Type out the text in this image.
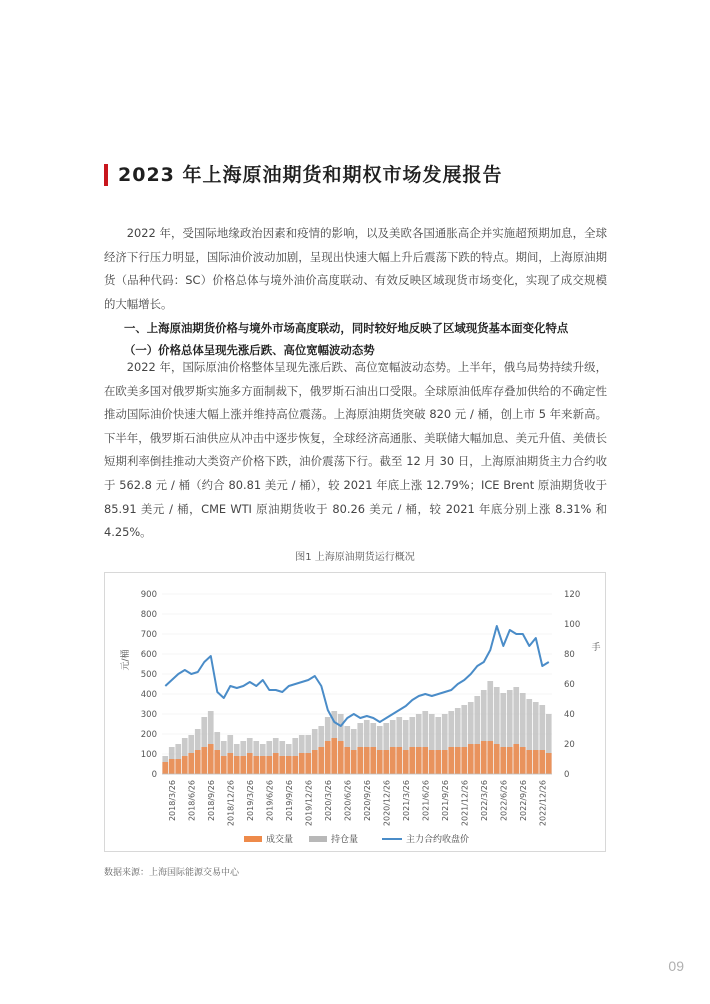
2023 年上海原油期货和期权市场发展报告
2022 年，受国际地缘政治因素和疫情的影响，以及美欧各国通胀高企并实施超预期加息，全球经济下行压力明显，国际油价波动加剧，呈现出快速大幅上升后震荡下跌的特点。期间，上海原油期货（品种代码：SC）价格总体与境外油价高度联动、有效反映区域现货市场变化，实现了成交规模的大幅增长。
一、上海原油期货价格与境外市场高度联动，同时较好地反映了区域现货基本面变化特点
（一）价格总体呈现先涨后跌、高位宽幅波动态势
2022 年，国际原油价格整体呈现先涨后跌、高位宽幅波动态势。上半年，俄乌局势持续升级，在欧美多国对俄罗斯实施多方面制裁下，俄罗斯石油出口受限。全球原油低库存叠加供给的不确定性推动国际油价快速大幅上涨并维持高位震荡。上海原油期货突破 820 元 / 桶，创上市 5 年来新高。下半年，俄罗斯石油供应从冲击中逐步恢复，全球经济高通胀、美联储大幅加息、美元升值、美债长短期利率倒挂推动大类资产价格下跌，油价震荡下行。截至 12 月 30 日，上海原油期货主力合约收于 562.8 元 / 桶（约合 80.81 美元 / 桶），较 2021 年底上涨 12.79%；ICE Brent 原油期货收于 85.91 美元 / 桶，CME WTI 原油期货收于 80.26 美元 / 桶，较 2021 年底分别上涨 8.31% 和 4.25%。
图1 上海原油期货运行概况
0
100
200
300
400
500
600
700
800
900
0
20
40
60
80
100
120
2018/3/26 2018/6/26 2018/9/26 2018/12/26 2019/3/26 2019/6/26 2019/9/26 2019/12/26 2020/3/26 2020/6/26 2020/9/26 2020/12/26 2021/3/26 2021/6/26 2021/9/26 2021/12/26 2022/3/26 2022/6/26 2022/9/26 2022/12/26
元/桶
手
成交量	持仓量	主力合约收盘价
数据来源：上海国际能源交易中心
09
